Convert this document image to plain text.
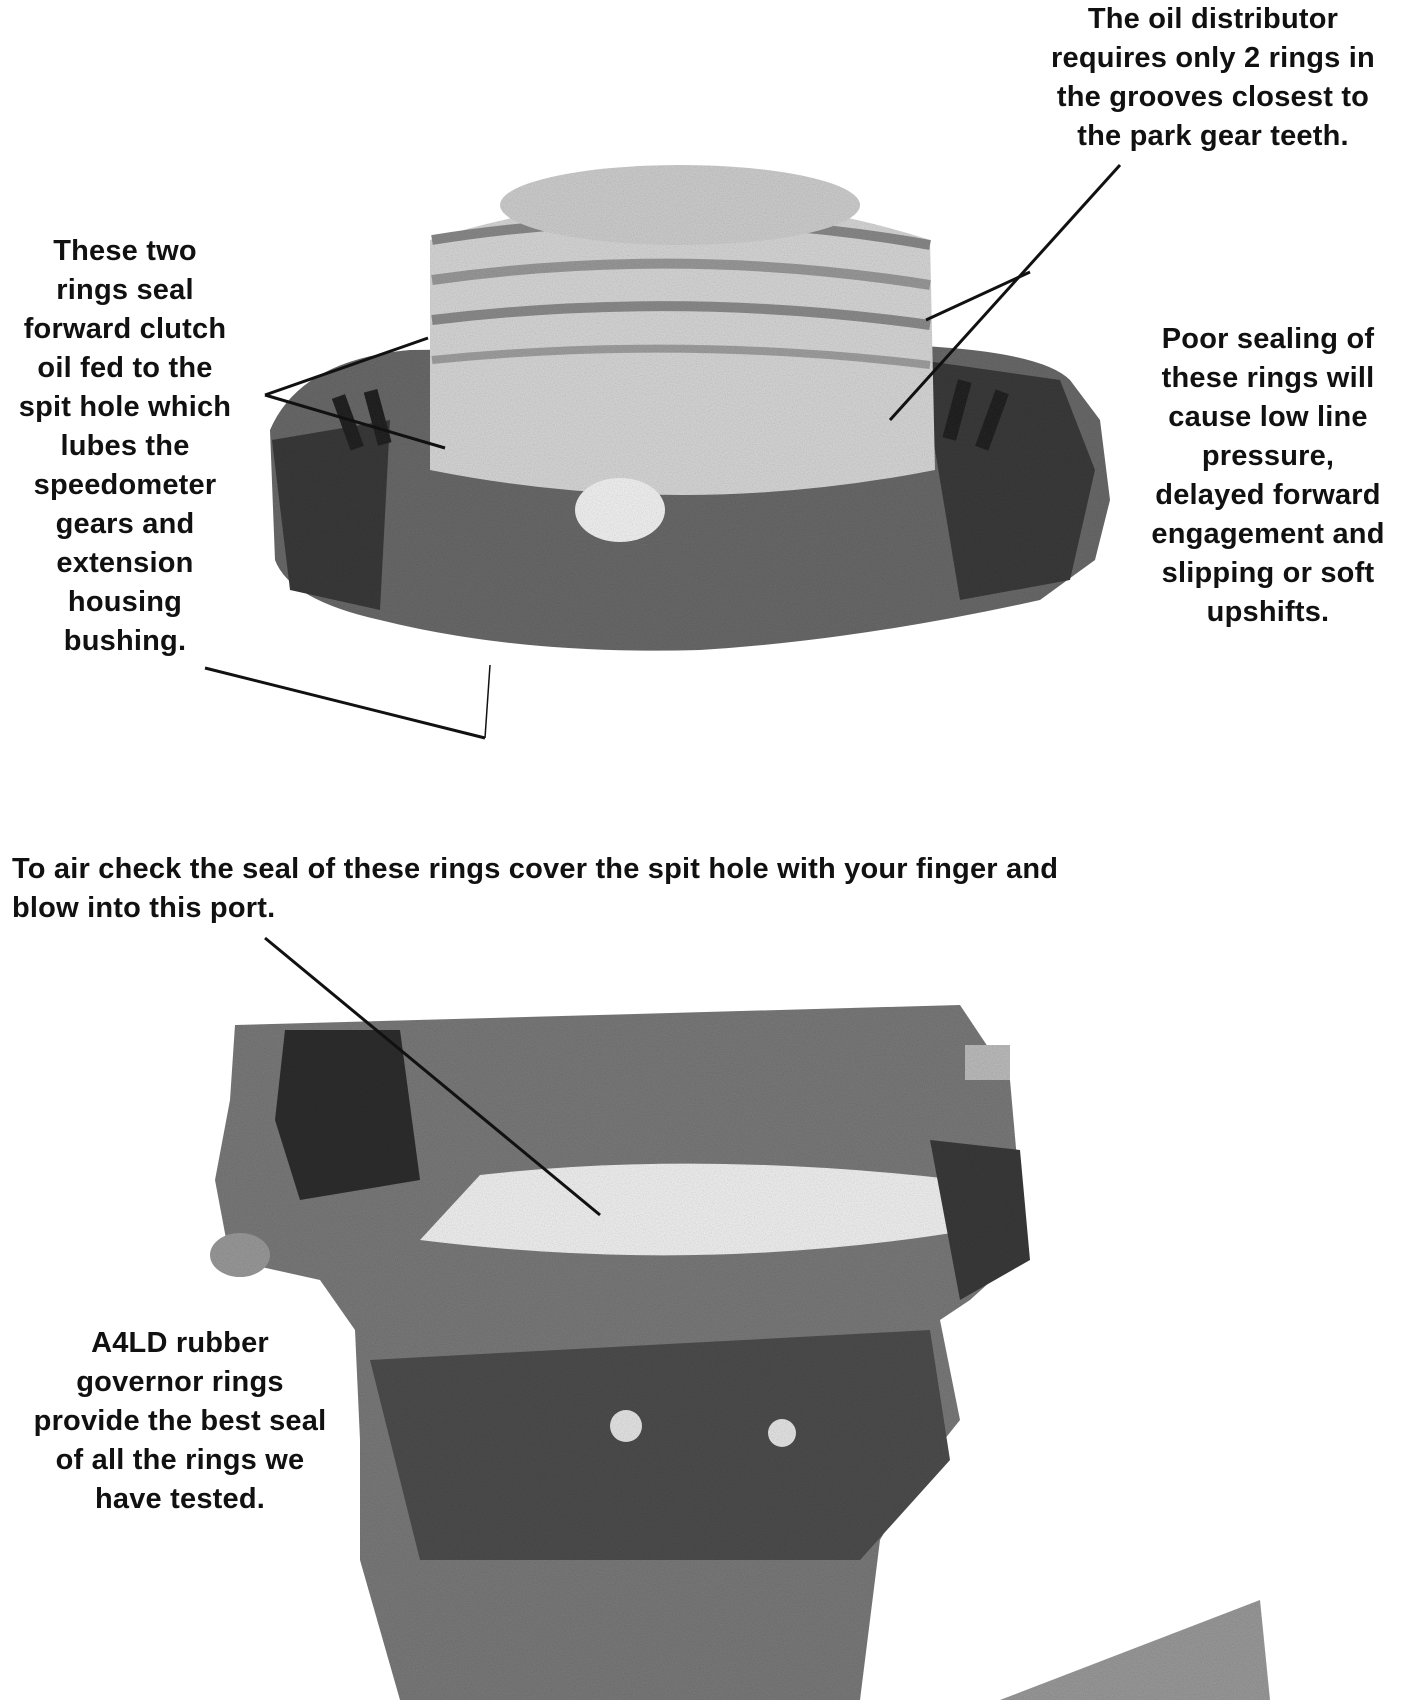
These two
rings seal
forward clutch
oil fed to the
spit hole which
lubes the
speedometer
gears and
extension
housing
bushing.
The oil distributor
requires only 2 rings in
the grooves closest to
the park gear teeth.
Poor sealing of
these rings will
cause low line
pressure,
delayed forward
engagement and
slipping or soft
upshifts.
To air check the seal of these rings cover the spit hole with your finger and
blow into this port.
A4LD rubber
governor rings
provide the best seal
of all the rings we
have tested.
